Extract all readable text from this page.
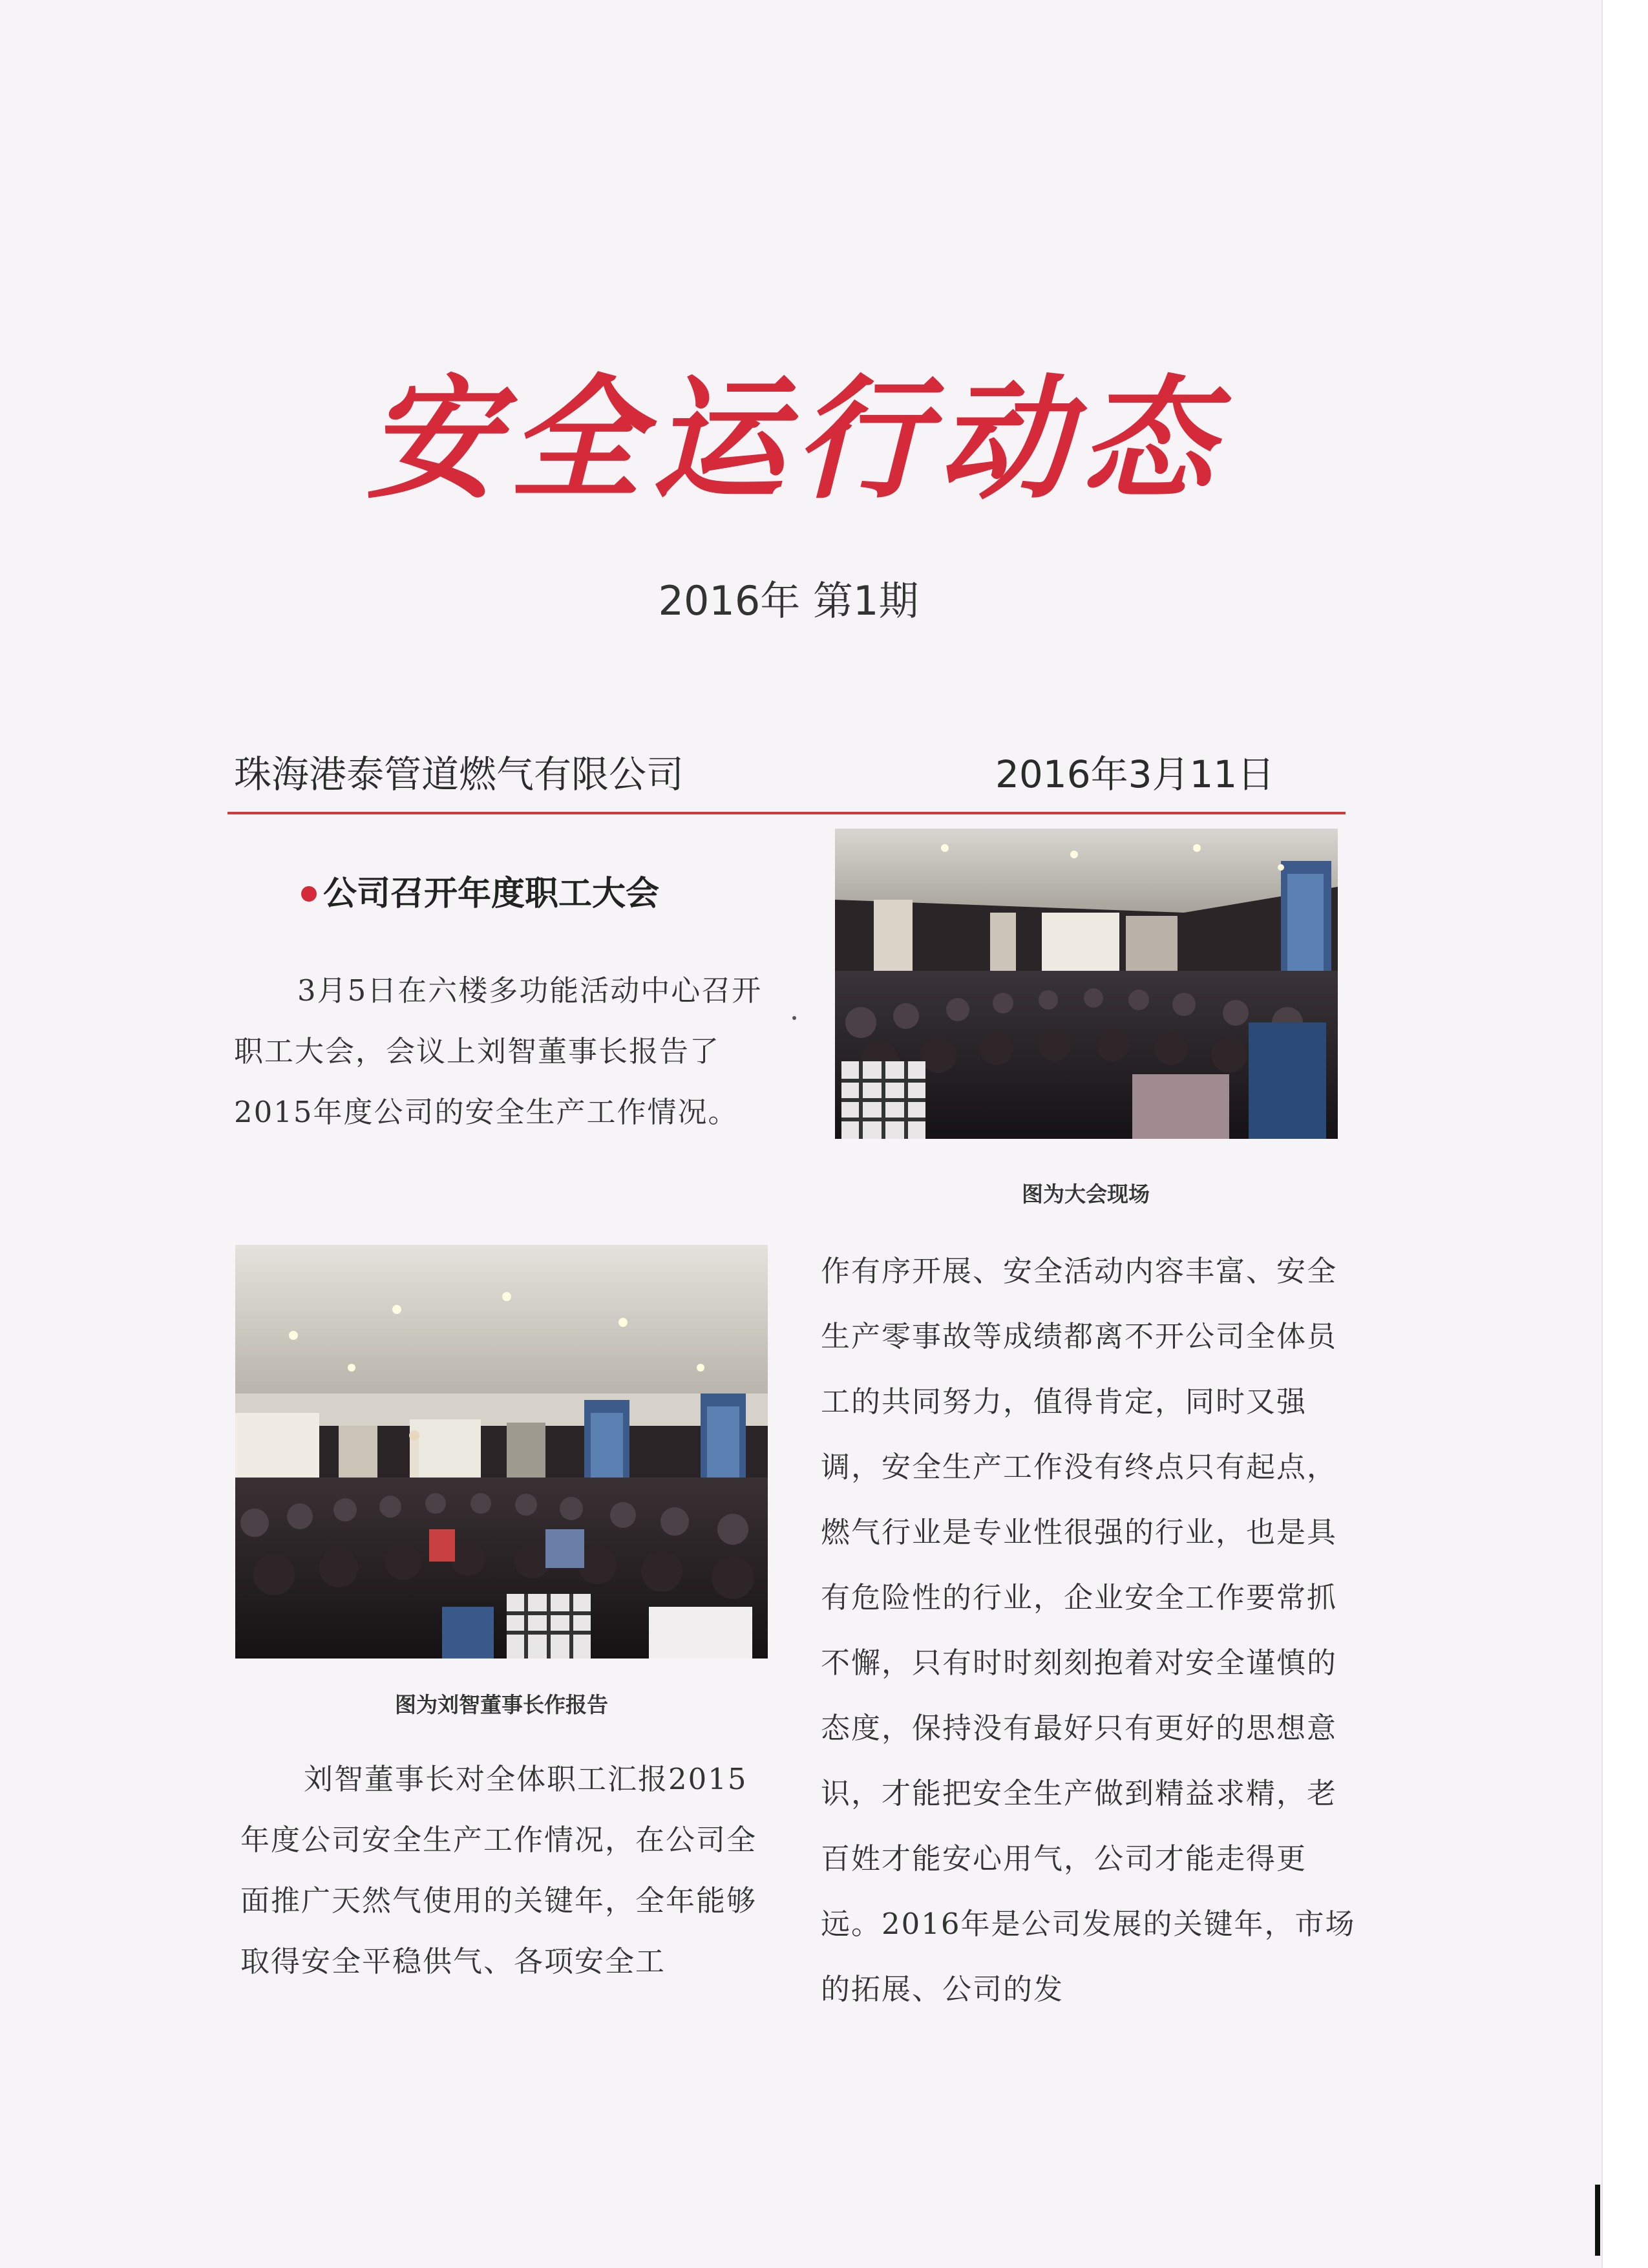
安全运行动态
2016年 第1期
珠海港泰管道燃气有限公司	2016年3月11日
公司召开年度职工大会

3月5日在六楼多功能活动中心召开职工大会，会议上刘智董事长报告了2015年度公司的安全生产工作情况。

图为大会现场
图为刘智董事长作报告

刘智董事长对全体职工汇报2015年度公司安全生产工作情况，在公司全面推广天然气使用的关键年，全年能够取得安全平稳供气、各项安全工

作有序开展、安全活动内容丰富、安全生产零事故等成绩都离不开公司全体员工的共同努力，值得肯定，同时又强调，安全生产工作没有终点只有起点，燃气行业是专业性很强的行业，也是具有危险性的行业，企业安全工作要常抓不懈，只有时时刻刻抱着对安全谨慎的态度，保持没有最好只有更好的思想意识，才能把安全生产做到精益求精，老百姓才能安心用气，公司才能走得更远。2016年是公司发展的关键年，市场的拓展、公司的发
